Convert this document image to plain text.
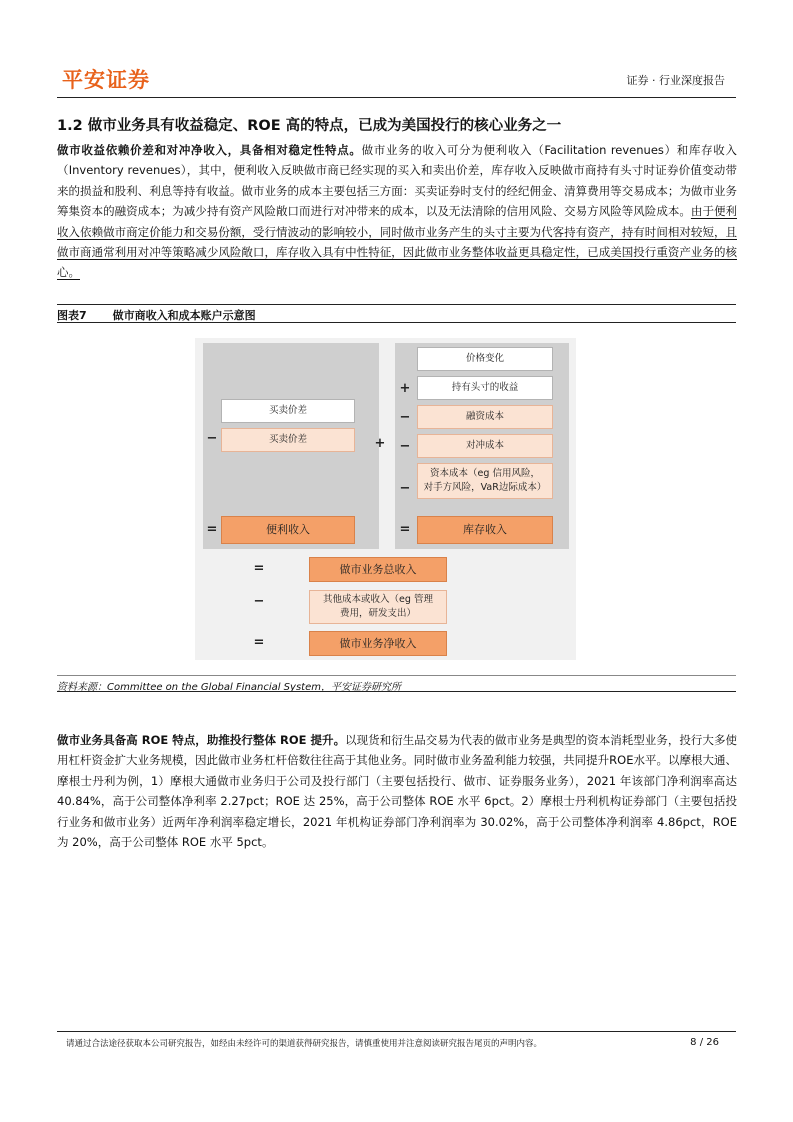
平安证券	证券 · 行业深度报告
1.2 做市业务具有收益稳定、ROE 高的特点，已成为美国投行的核心业务之一
做市收益依赖价差和对冲净收入，具备相对稳定性特点。做市业务的收入可分为便利收入（Facilitation revenues）和库存收入（Inventory revenues），其中，便利收入反映做市商已经实现的买入和卖出价差，库存收入反映做市商持有头寸时证券价值变动带来的损益和股利、利息等持有收益。做市业务的成本主要包括三方面：买卖证券时支付的经纪佣金、清算费用等交易成本；为做市业务筹集资本的融资成本；为减少持有资产风险敞口而进行对冲带来的成本，以及无法清除的信用风险、交易方风险等风险成本。由于便利收入依赖做市商定价能力和交易份额，受行情波动的影响较小，同时做市业务产生的头寸主要为代客持有资产，持有时间相对较短，且做市商通常利用对冲等策略减少风险敞口，库存收入具有中性特征，因此做市业务整体收益更具稳定性，已成美国投行重资产业务的核心。
图表7 做市商收入和成本账户示意图
买卖价差
−	买卖价差
=	便利收入
+
价格变化
+	持有头寸的收益
−	融资成本
−	对冲成本
−
资本成本（eg 信用风险，
对手方风险，VaR边际成本）
=	库存收入
=	做市业务总收入
−	其他成本或收入（eg 管理
费用，研发支出）
=	做市业务净收入
资料来源：Committee on the Global Financial System，平安证券研究所
做市业务具备高 ROE 特点，助推投行整体 ROE 提升。以现货和衍生品交易为代表的做市业务是典型的资本消耗型业务，投行大多使用杠杆资金扩大业务规模，因此做市业务杠杆倍数往往高于其他业务。同时做市业务盈利能力较强，共同提升ROE水平。以摩根大通、摩根士丹利为例，1）摩根大通做市业务归于公司及投行部门（主要包括投行、做市、证券服务业务），2021 年该部门净利润率高达 40.84%，高于公司整体净利率 2.27pct；ROE 达 25%，高于公司整体 ROE 水平 6pct。2）摩根士丹利机构证券部门（主要包括投行业务和做市业务）近两年净利润率稳定增长，2021 年机构证券部门净利润率为 30.02%，高于公司整体净利润率 4.86pct，ROE 为 20%，高于公司整体 ROE 水平 5pct。
请通过合法途径获取本公司研究报告，如经由未经许可的渠道获得研究报告，请慎重使用并注意阅读研究报告尾页的声明内容。	8 / 26
